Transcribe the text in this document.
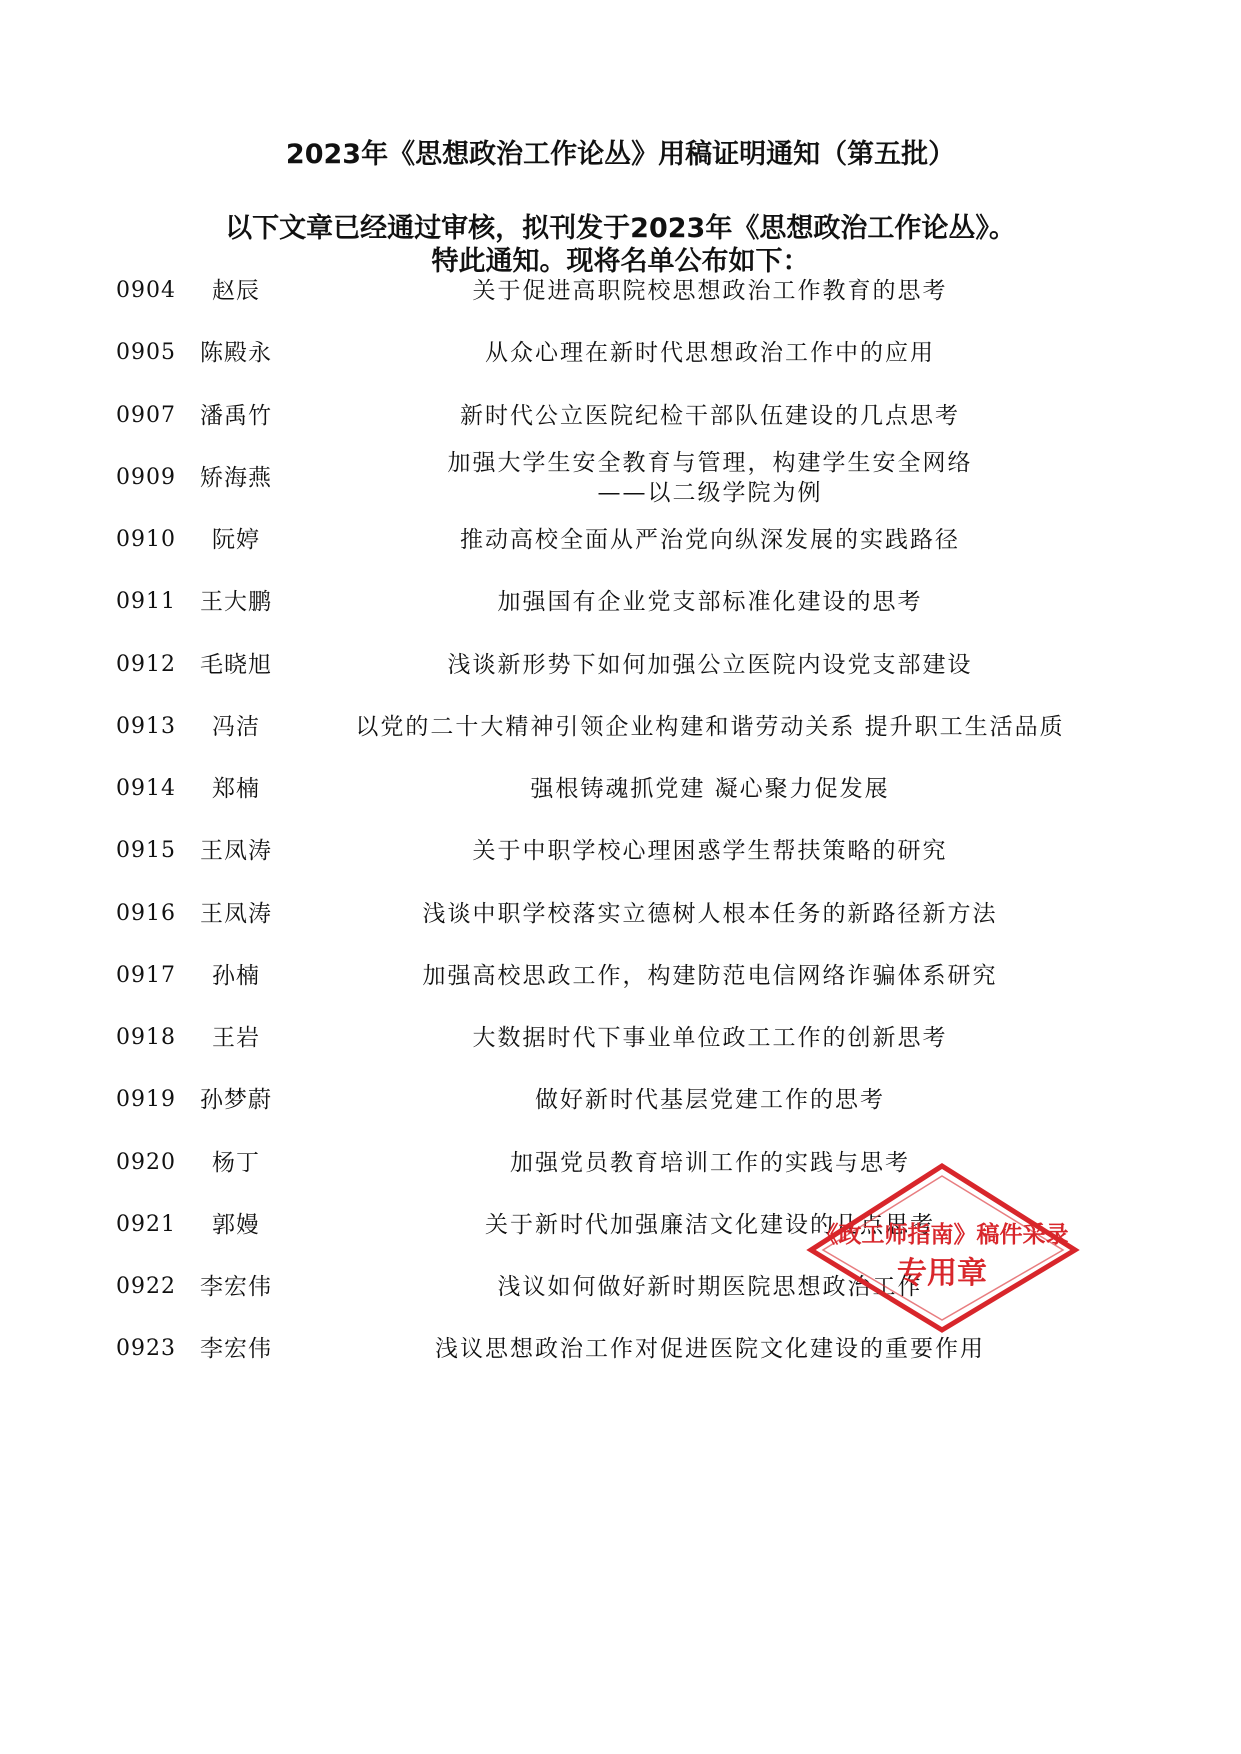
2023年《思想政治工作论丛》用稿证明通知（第五批）
以下文章已经通过审核，拟刊发于2023年《思想政治工作论丛》。
特此通知。现将名单公布如下：
0904	赵辰	关于促进高职院校思想政治工作教育的思考
0905	陈殿永	从众心理在新时代思想政治工作中的应用
0907	潘禹竹	新时代公立医院纪检干部队伍建设的几点思考
0909	矫海燕
加强大学生安全教育与管理，构建学生安全网络
——以二级学院为例
0910	阮婷	推动高校全面从严治党向纵深发展的实践路径
0911	王大鹏	加强国有企业党支部标准化建设的思考
0912	毛晓旭	浅谈新形势下如何加强公立医院内设党支部建设
0913	冯洁	以党的二十大精神引领企业构建和谐劳动关系 提升职工生活品质
0914	郑楠	强根铸魂抓党建 凝心聚力促发展
0915	王凤涛	关于中职学校心理困惑学生帮扶策略的研究
0916	王凤涛	浅谈中职学校落实立德树人根本任务的新路径新方法
0917	孙楠	加强高校思政工作，构建防范电信网络诈骗体系研究
0918	王岩	大数据时代下事业单位政工工作的创新思考
0919	孙梦蔚	做好新时代基层党建工作的思考
0920	杨丁	加强党员教育培训工作的实践与思考
0921	郭嫚	关于新时代加强廉洁文化建设的几点思考
0922	李宏伟	浅议如何做好新时期医院思想政治工作
0923	李宏伟	浅议思想政治工作对促进医院文化建设的重要作用
《政工师指南》稿件采录
专用章
